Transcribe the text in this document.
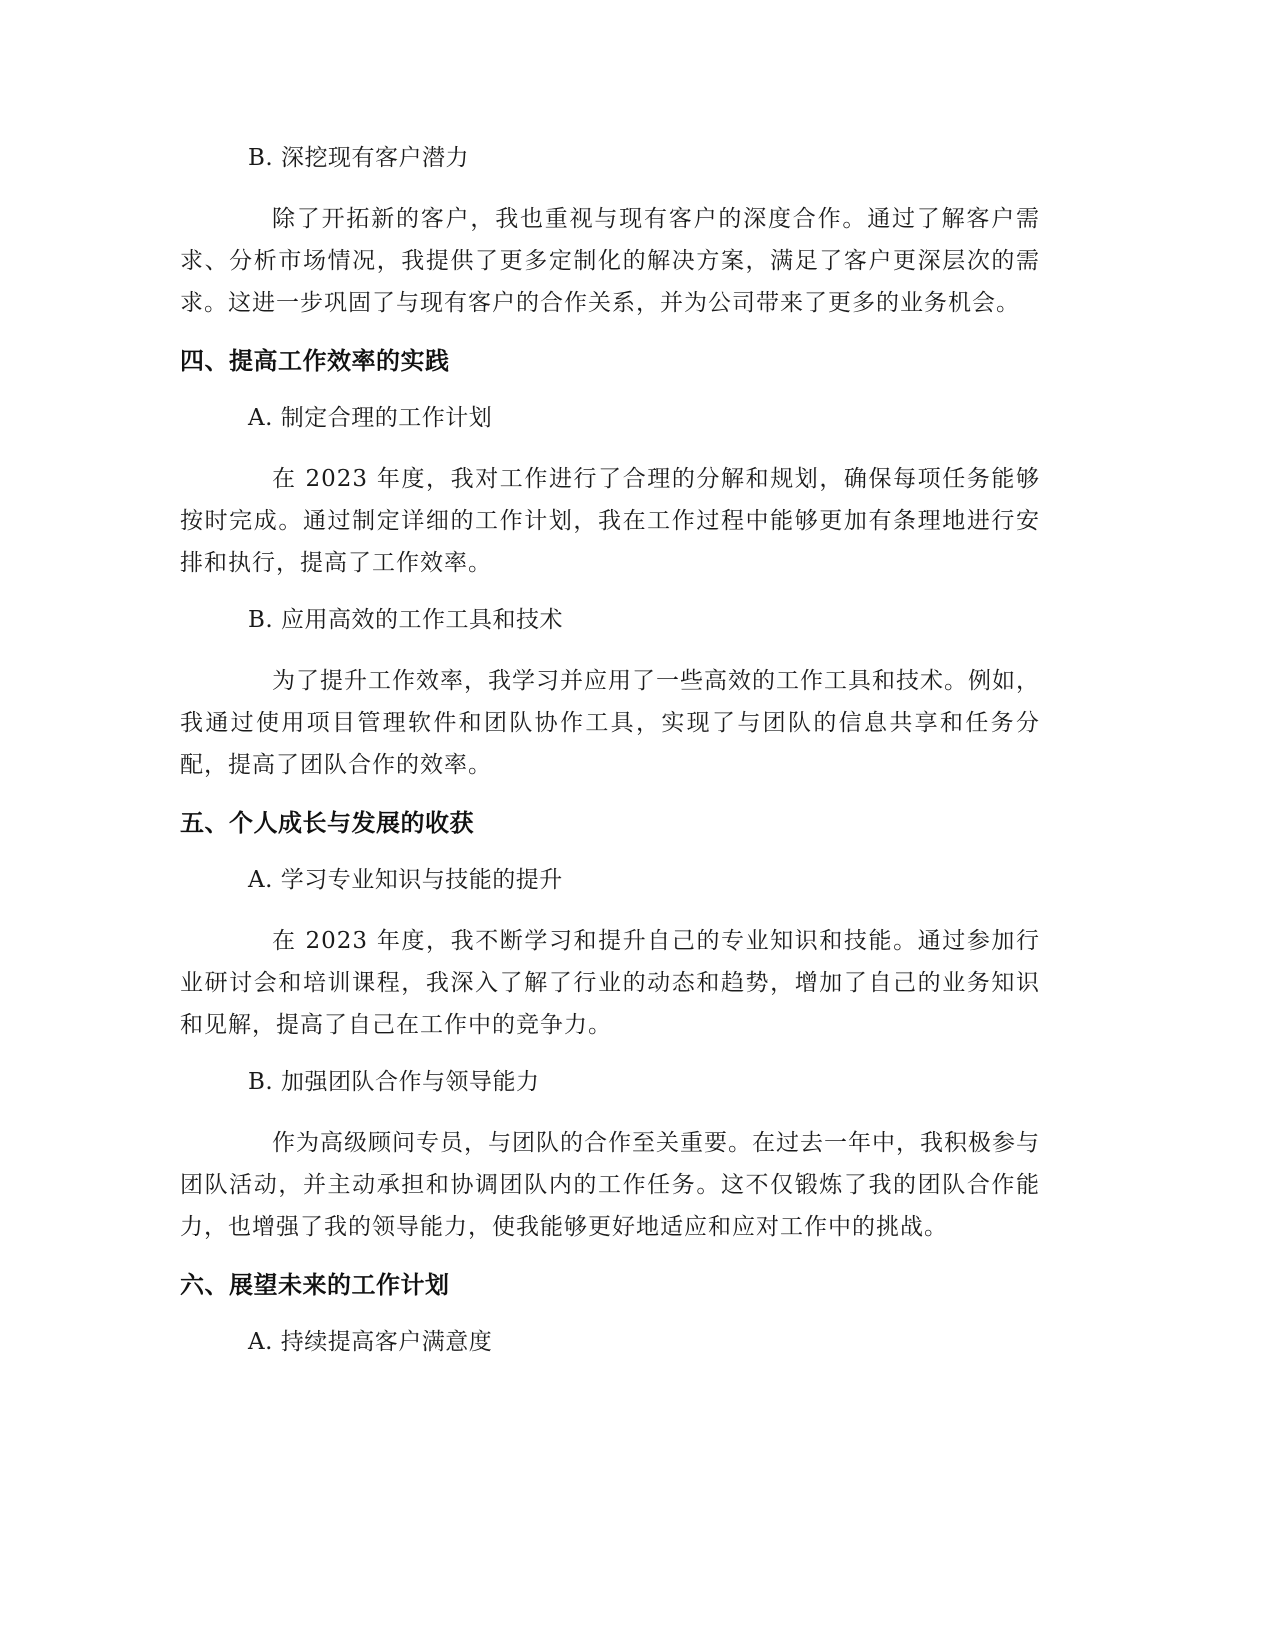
B. 深挖现有客户潜力

除了开拓新的客户，我也重视与现有客户的深度合作。通过了解客户需求、分析市场情况，我提供了更多定制化的解决方案，满足了客户更深层次的需求。这进一步巩固了与现有客户的合作关系，并为公司带来了更多的业务机会。

四、提高工作效率的实践
A. 制定合理的工作计划

在 2023 年度，我对工作进行了合理的分解和规划，确保每项任务能够按时完成。通过制定详细的工作计划，我在工作过程中能够更加有条理地进行安排和执行，提高了工作效率。

B. 应用高效的工作工具和技术

为了提升工作效率，我学习并应用了一些高效的工作工具和技术。例如，我通过使用项目管理软件和团队协作工具，实现了与团队的信息共享和任务分配，提高了团队合作的效率。

五、个人成长与发展的收获
A. 学习专业知识与技能的提升

在 2023 年度，我不断学习和提升自己的专业知识和技能。通过参加行业研讨会和培训课程，我深入了解了行业的动态和趋势，增加了自己的业务知识和见解，提高了自己在工作中的竞争力。

B. 加强团队合作与领导能力

作为高级顾问专员，与团队的合作至关重要。在过去一年中，我积极参与团队活动，并主动承担和协调团队内的工作任务。这不仅锻炼了我的团队合作能力，也增强了我的领导能力，使我能够更好地适应和应对工作中的挑战。

六、展望未来的工作计划
A. 持续提高客户满意度
